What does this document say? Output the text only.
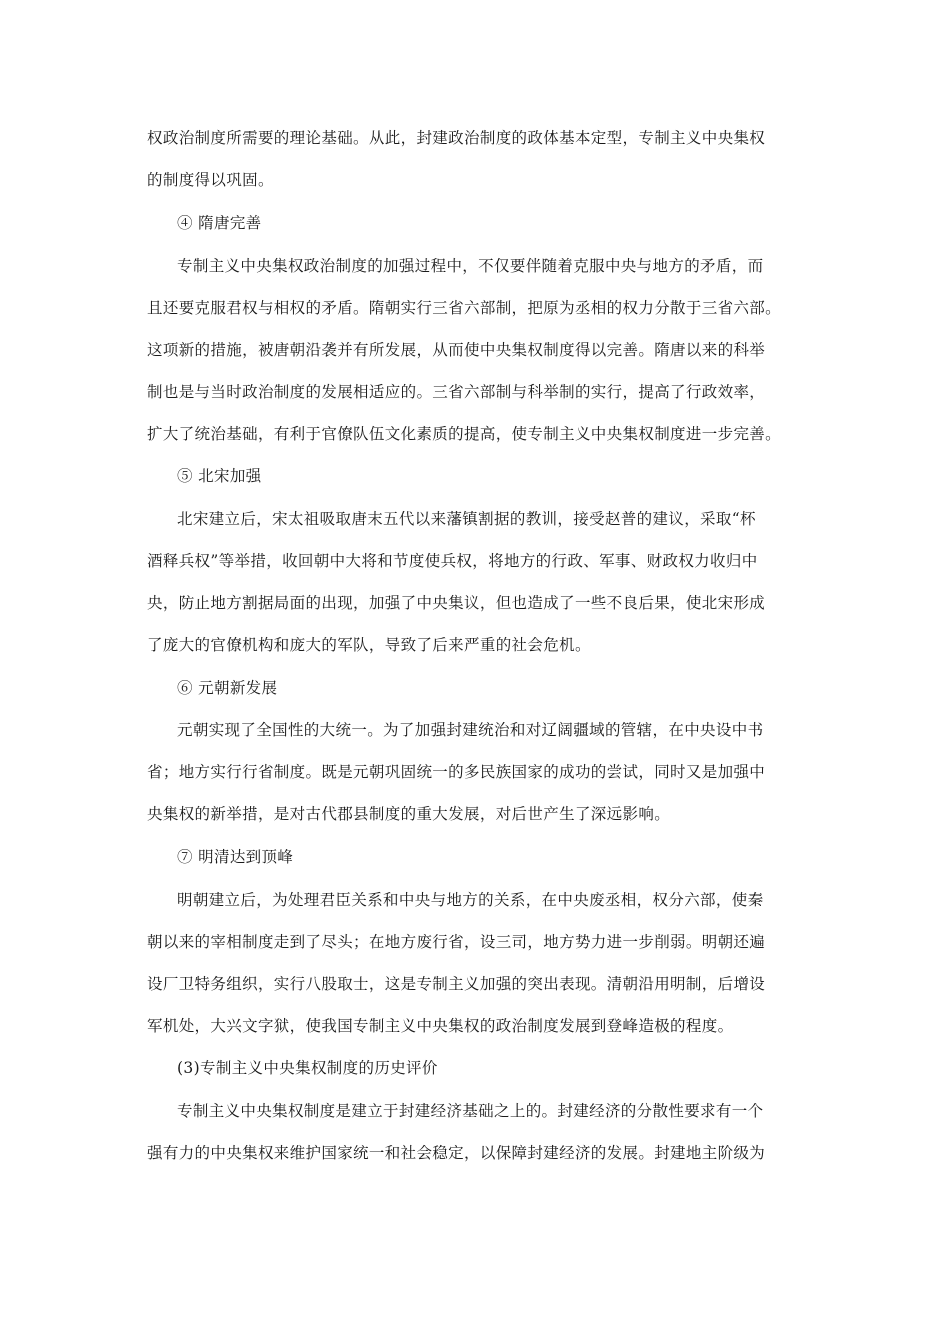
权政治制度所需要的理论基础。从此，封建政治制度的政体基本定型，专制主义中央集权
的制度得以巩固。
④ 隋唐完善
专制主义中央集权政治制度的加强过程中，不仅要伴随着克服中央与地方的矛盾，而
且还要克服君权与相权的矛盾。隋朝实行三省六部制，把原为丞相的权力分散于三省六部。
这项新的措施，被唐朝沿袭并有所发展，从而使中央集权制度得以完善。隋唐以来的科举
制也是与当时政治制度的发展相适应的。三省六部制与科举制的实行，提高了行政效率，
扩大了统治基础，有利于官僚队伍文化素质的提高，使专制主义中央集权制度进一步完善。
⑤ 北宋加强
北宋建立后，宋太祖吸取唐末五代以来藩镇割据的教训，接受赵普的建议，采取“杯
酒释兵权”等举措，收回朝中大将和节度使兵权，将地方的行政、军事、财政权力收归中
央，防止地方割据局面的出现，加强了中央集议，但也造成了一些不良后果，使北宋形成
了庞大的官僚机构和庞大的军队，导致了后来严重的社会危机。
⑥ 元朝新发展
元朝实现了全国性的大统一。为了加强封建统治和对辽阔疆域的管辖，在中央设中书
省；地方实行行省制度。既是元朝巩固统一的多民族国家的成功的尝试，同时又是加强中
央集权的新举措，是对古代郡县制度的重大发展，对后世产生了深远影响。
⑦ 明清达到顶峰
明朝建立后，为处理君臣关系和中央与地方的关系，在中央废丞相，权分六部，使秦
朝以来的宰相制度走到了尽头；在地方废行省，设三司，地方势力进一步削弱。明朝还遍
设厂卫特务组织，实行八股取士，这是专制主义加强的突出表现。清朝沿用明制，后增设
军机处，大兴文字狱，使我国专制主义中央集权的政治制度发展到登峰造极的程度。
(3)专制主义中央集权制度的历史评价
专制主义中央集权制度是建立于封建经济基础之上的。封建经济的分散性要求有一个
强有力的中央集权来维护国家统一和社会稳定，以保障封建经济的发展。封建地主阶级为
